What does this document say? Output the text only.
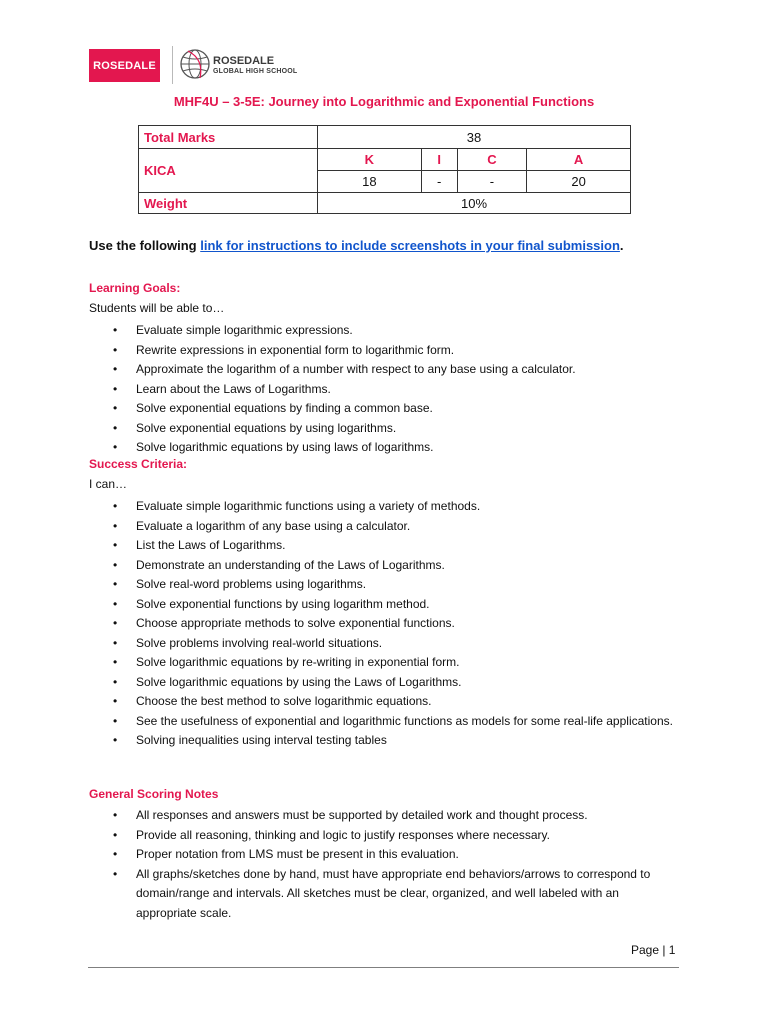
ROSEDALE	ROSEDALE
GLOBAL HIGH SCHOOL
MHF4U – 3-5E: Journey into Logarithmic and Exponential Functions
Total Marks	38			
KICA	K	I	C	A
	18	-	-	20
Weight	10%			
Use the following link for instructions to include screenshots in your final submission.
Learning Goals:
Students will be able to…
• Evaluate simple logarithmic expressions.
• Rewrite expressions in exponential form to logarithmic form.
• Approximate the logarithm of a number with respect to any base using a calculator.
• Learn about the Laws of Logarithms.
• Solve exponential equations by finding a common base.
• Solve exponential equations by using logarithms.
• Solve logarithmic equations by using laws of logarithms.
Success Criteria:
I can…
• Evaluate simple logarithmic functions using a variety of methods.
• Evaluate a logarithm of any base using a calculator.
• List the Laws of Logarithms.
• Demonstrate an understanding of the Laws of Logarithms.
• Solve real-word problems using logarithms.
• Solve exponential functions by using logarithm method.
• Choose appropriate methods to solve exponential functions.
• Solve problems involving real-world situations.
• Solve logarithmic equations by re-writing in exponential form.
• Solve logarithmic equations by using the Laws of Logarithms.
• Choose the best method to solve logarithmic equations.
• See the usefulness of exponential and logarithmic functions as models for some real-life applications.
• Solving inequalities using interval testing tables
General Scoring Notes
• All responses and answers must be supported by detailed work and thought process.
• Provide all reasoning, thinking and logic to justify responses where necessary.
• Proper notation from LMS must be present in this evaluation.
• All graphs/sketches done by hand, must have appropriate end behaviors/arrows to correspond to domain/range and intervals. All sketches must be clear, organized, and well labeled with an appropriate scale.
Page | 1
